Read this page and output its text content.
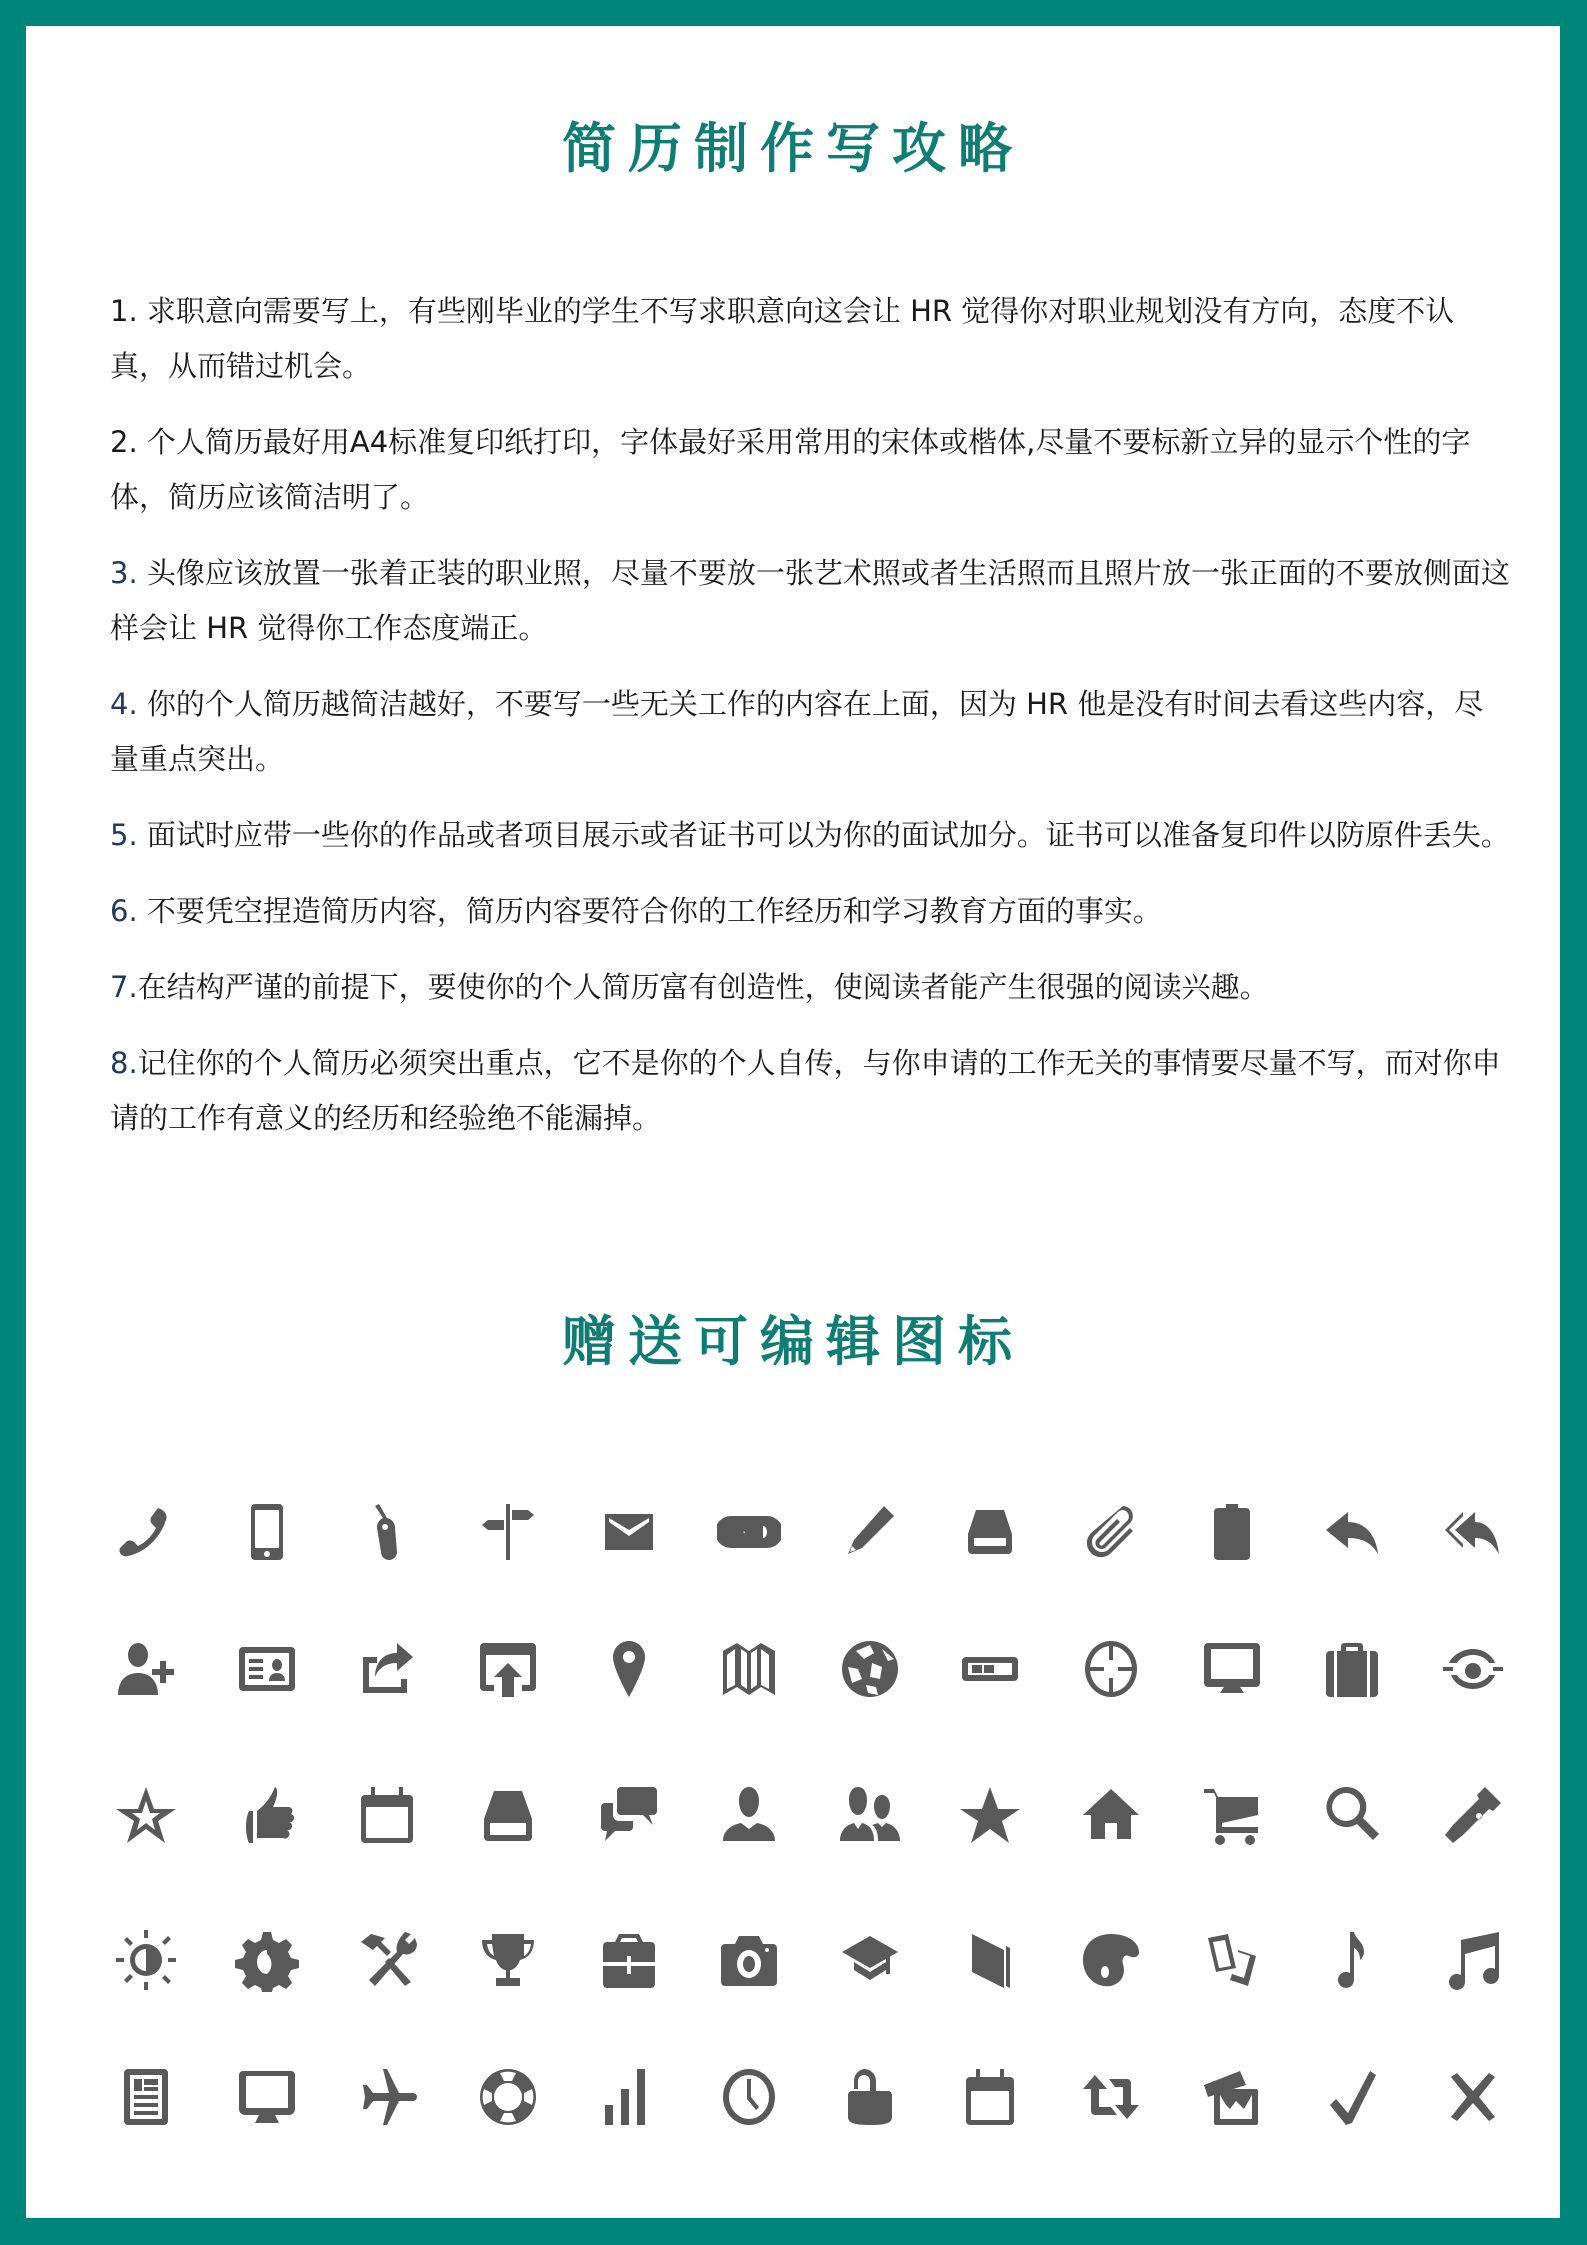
简历制作写攻略
1. 求职意向需要写上，有些刚毕业的学生不写求职意向这会让 HR 觉得你对职业规划没有方向，态度不认真，从而错过机会。
2. 个人简历最好用A4标准复印纸打印，字体最好采用常用的宋体或楷体,尽量不要标新立异的显示个性的字体，简历应该简洁明了。
3. 头像应该放置一张着正装的职业照，尽量不要放一张艺术照或者生活照而且照片放一张正面的不要放侧面这样会让 HR 觉得你工作态度端正。
4. 你的个人简历越简洁越好，不要写一些无关工作的内容在上面，因为 HR 他是没有时间去看这些内容，尽量重点突出。
5. 面试时应带一些你的作品或者项目展示或者证书可以为你的面试加分。证书可以准备复印件以防原件丢失。
6. 不要凭空捏造简历内容，简历内容要符合你的工作经历和学习教育方面的事实。
7.在结构严谨的前提下，要使你的个人简历富有创造性，使阅读者能产生很强的阅读兴趣。
8.记住你的个人简历必须突出重点，它不是你的个人自传，与你申请的工作无关的事情要尽量不写，而对你申请的工作有意义的经历和经验绝不能漏掉。
赠送可编辑图标
